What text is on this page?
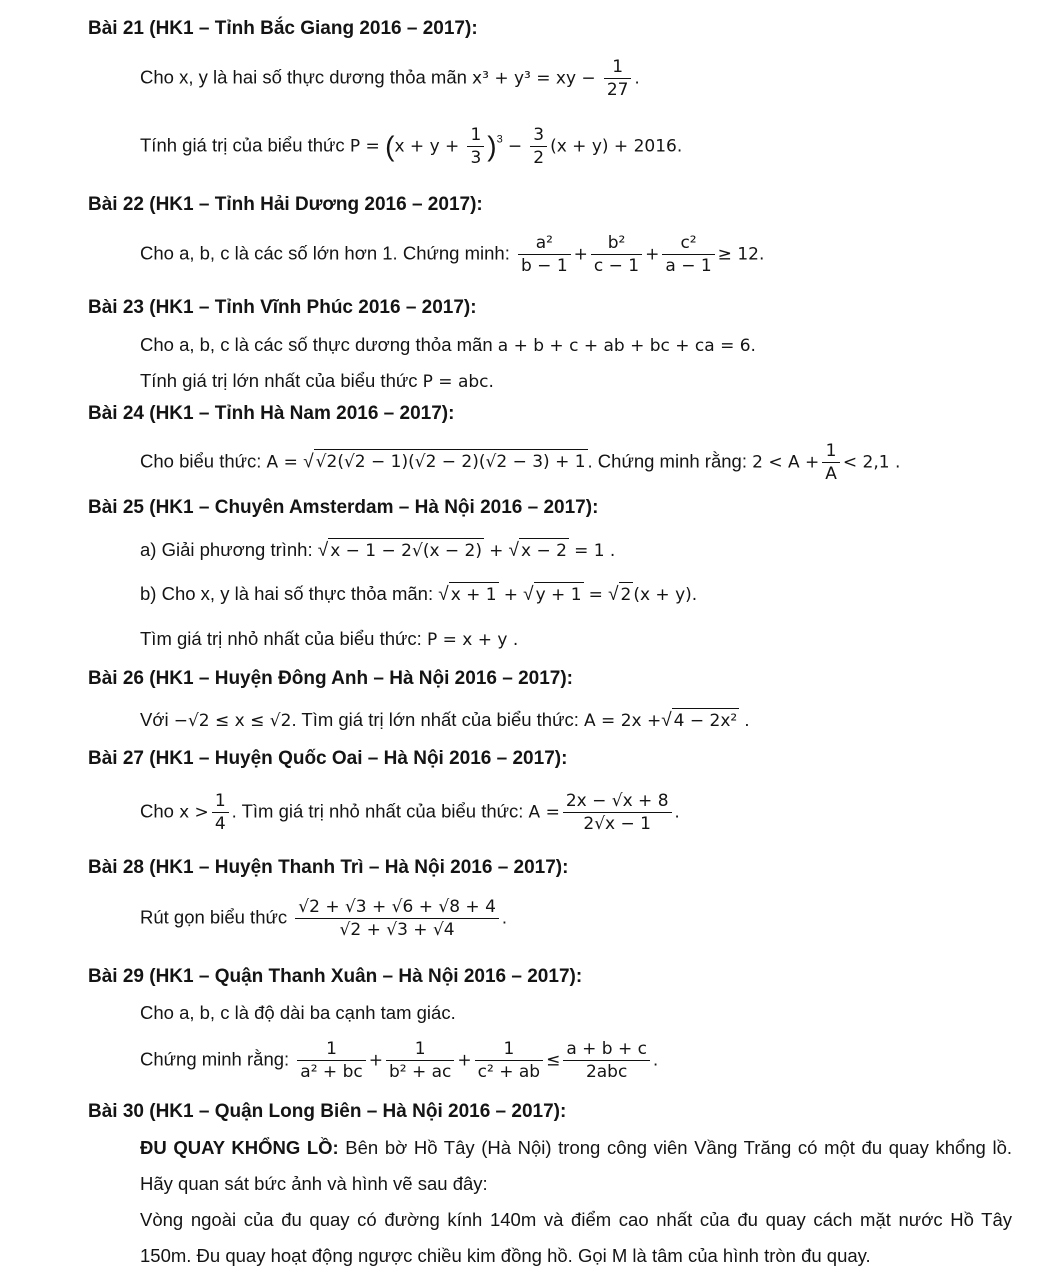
Bài 21 (HK1 – Tỉnh Bắc Giang 2016 – 2017):
Cho x, y là hai số thực dương thỏa mãn x³ + y³ = xy − $\frac{1}{27}$ .
Tính giá trị của biểu thức $P = (x + y + \frac{1}{3} )^3 - \frac{3}{2} (x + y) + 2016$.
Bài 22 (HK1 – Tỉnh Hải Dương 2016 – 2017):
Cho a, b, c là các số lớn hơn 1. Chứng minh: $\frac{\text{a²}}{b - 1} + \frac{\text{b²}}{c - 1} + \frac{\text{c²}}{a - 1} \ge 12$.
Bài 23 (HK1 – Tỉnh Vĩnh Phúc 2016 – 2017):
Cho a, b, c là các số thực dương thỏa mãn a + b + c + ab + bc + ca = 6.
Tính giá trị lớn nhất của biểu thức P = abc.
Bài 24 (HK1 – Tỉnh Hà Nam 2016 – 2017):
Cho biểu thức: A = √ √2(√2 − 1)(√2 − 2)(√2 − 3) + 1 . Chứng minh rằng: $2 < A + \frac{1}{A} < 2,1$ .
Bài 25 (HK1 – Chuyên Amsterdam – Hà Nội 2016 – 2017):
a) Giải phương trình: √ x − 1 − 2√(x − 2) + √ x − 2 = 1 .
b) Cho x, y là hai số thực thỏa mãn: √ x + 1 + √ y + 1 = √ 2 (x + y).
Tìm giá trị nhỏ nhất của biểu thức: P = x + y .
Bài 26 (HK1 – Huyện Đông Anh – Hà Nội 2016 – 2017):
Với −√2 ≤ x ≤ √2. Tìm giá trị lớn nhất của biểu thức: A = 2x +√ 4 − 2x² .
Bài 27 (HK1 – Huyện Quốc Oai – Hà Nội 2016 – 2017):
Cho $x > \frac{1}{4}$ . Tìm giá trị nhỏ nhất của biểu thức: $A = \frac{2x - √x + 8}{2√x - 1}$ .
Bài 28 (HK1 – Huyện Thanh Trì – Hà Nội 2016 – 2017):
Rút gọn biểu thức $\frac{√2 + √3 + √6 + √8 + 4}{√2 + √3 + √4}$ .
Bài 29 (HK1 – Quận Thanh Xuân – Hà Nội 2016 – 2017):
Cho a, b, c là độ dài ba cạnh tam giác.
Chứng minh rằng: $\frac{1}{\text{a² + bc}} + \frac{1}{\text{b² + ac}} + \frac{1}{\text{c² + ab}} \le \frac{a + b + c}{\text{2abc}}$ .
Bài 30 (HK1 – Quận Long Biên – Hà Nội 2016 – 2017):
ĐU QUAY KHỔNG LỒ: Bên bờ Hồ Tây (Hà Nội) trong công viên Vầng Trăng có một đu quay khổng lồ. Hãy quan sát bức ảnh và hình vẽ sau đây:
Vòng ngoài của đu quay có đường kính 140m và điểm cao nhất của đu quay cách mặt nước Hồ Tây 150m. Đu quay hoạt động ngược chiều kim đồng hồ. Gọi M là tâm của hình tròn đu quay.
